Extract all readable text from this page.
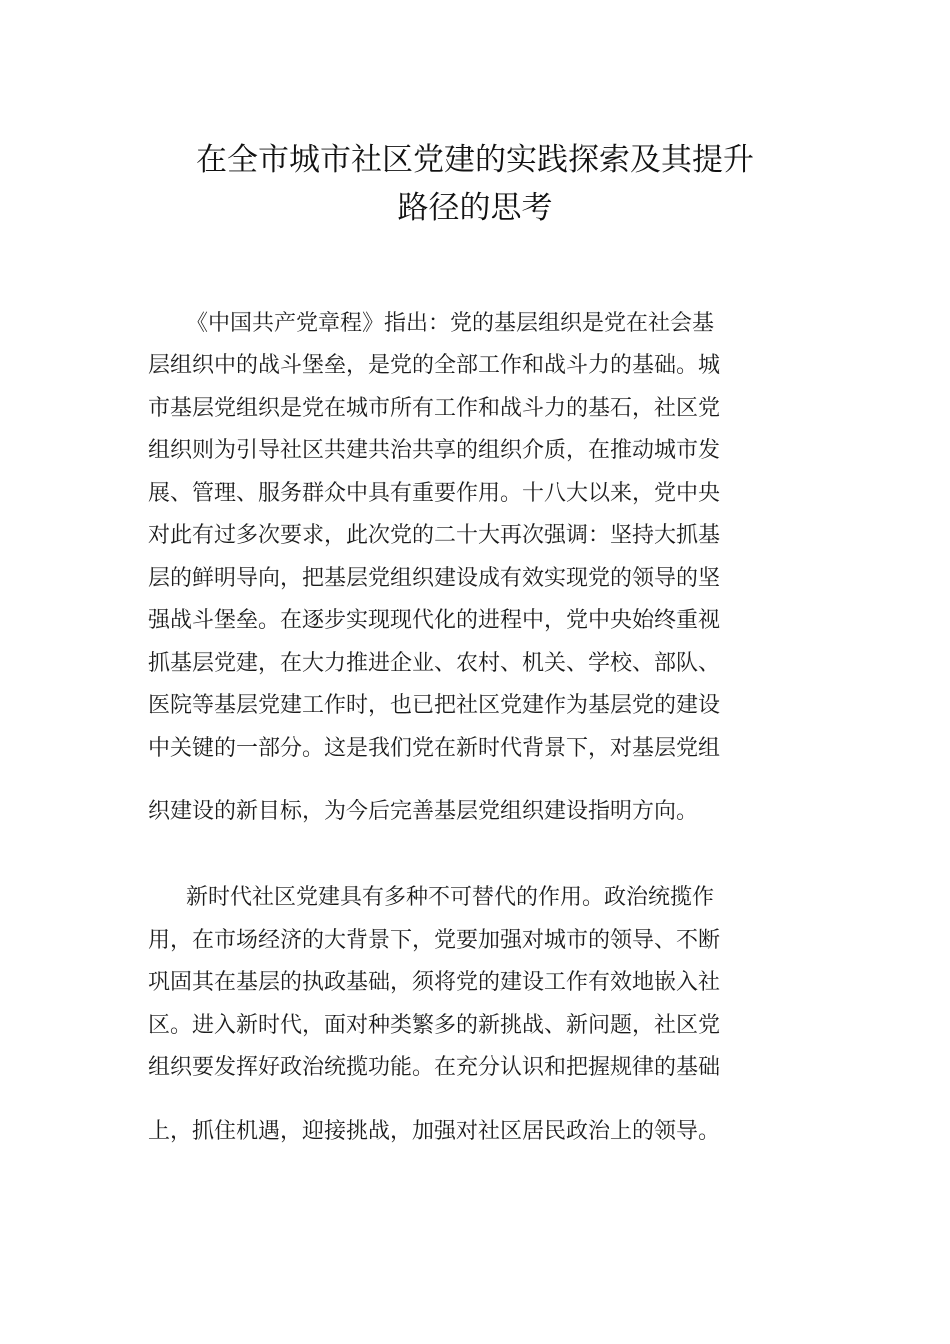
在全市城市社区党建的实践探索及其提升
路径的思考
《中国共产党章程》指出：党的基层组织是党在社会基
层组织中的战斗堡垒，是党的全部工作和战斗力的基础。城
市基层党组织是党在城市所有工作和战斗力的基石，社区党
组织则为引导社区共建共治共享的组织介质，在推动城市发
展、管理、服务群众中具有重要作用。十八大以来，党中央
对此有过多次要求，此次党的二十大再次强调：坚持大抓基
层的鲜明导向，把基层党组织建设成有效实现党的领导的坚
强战斗堡垒。在逐步实现现代化的进程中，党中央始终重视
抓基层党建，在大力推进企业、农村、机关、学校、部队、
医院等基层党建工作时，也已把社区党建作为基层党的建设
中关键的一部分。这是我们党在新时代背景下，对基层党组
织建设的新目标，为今后完善基层党组织建设指明方向。
新时代社区党建具有多种不可替代的作用。政治统揽作
用，在市场经济的大背景下，党要加强对城市的领导、不断
巩固其在基层的执政基础，须将党的建设工作有效地嵌入社
区。进入新时代，面对种类繁多的新挑战、新问题，社区党
组织要发挥好政治统揽功能。在充分认识和把握规律的基础
上，抓住机遇，迎接挑战，加强对社区居民政治上的领导。
